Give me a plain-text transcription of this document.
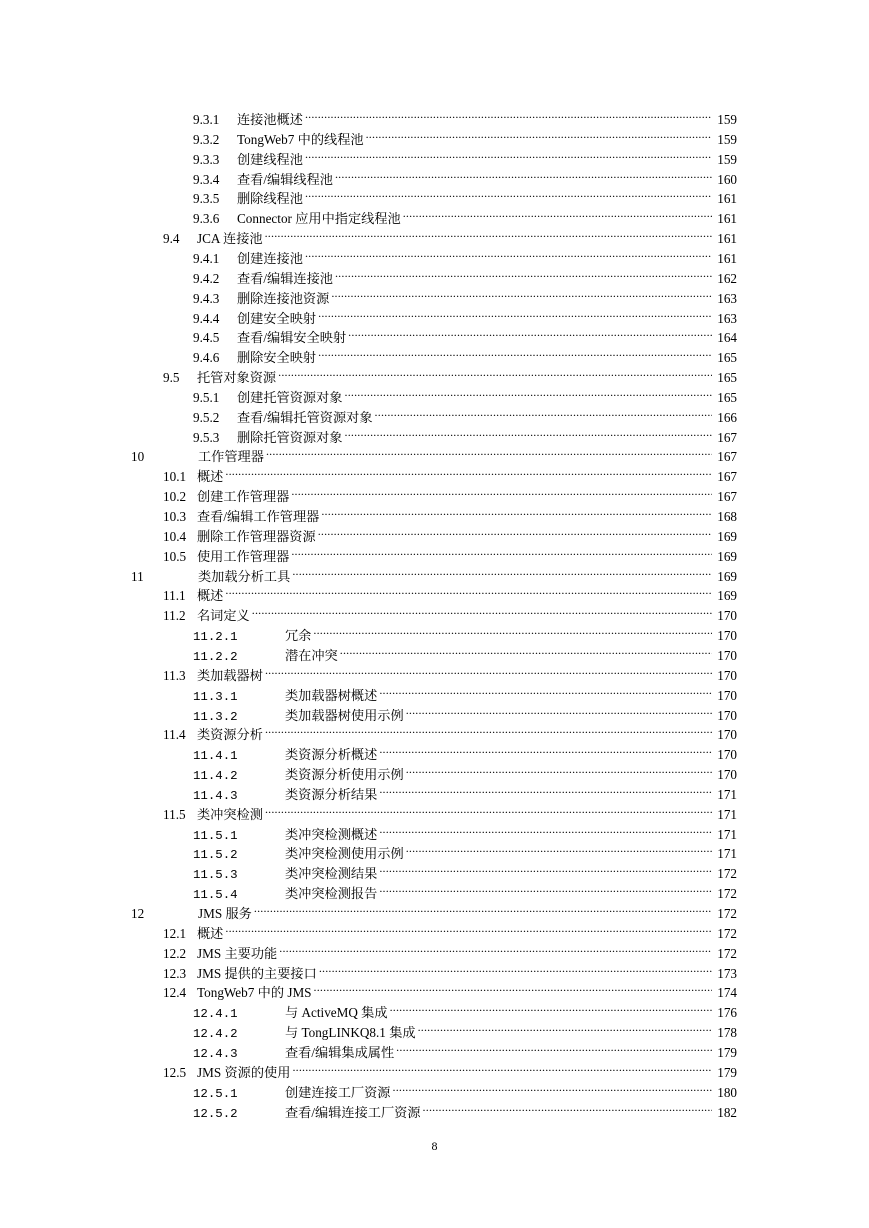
9.3.1	连接池概述 .....	159
9.3.2	TongWeb7 中的线程池 .....	159
9.3.3	创建线程池 .....	159
9.3.4	查看/编辑线程池 .....	160
9.3.5	删除线程池 .....	161
9.3.6	Connector 应用中指定线程池 .....	161
9.4	JCA 连接池 .....	161
9.4.1	创建连接池 .....	161
9.4.2	查看/编辑连接池 .....	162
9.4.3	删除连接池资源 .....	163
9.4.4	创建安全映射 .....	163
9.4.5	查看/编辑安全映射 .....	164
9.4.6	删除安全映射 .....	165
9.5	托管对象资源 .....	165
9.5.1	创建托管资源对象 .....	165
9.5.2	查看/编辑托管资源对象 .....	166
9.5.3	删除托管资源对象 .....	167
10	工作管理器 .....	167
10.1 概述 .....	167
10.2 创建工作管理器 .....	167
10.3 查看/编辑工作管理器 .....	168
10.4 删除工作管理器资源 .....	169
10.5 使用工作管理器 .....	169
11	类加载分析工具 .....	169
11.1 概述 .....	169
11.2 名词定义 .....	170
11.2.1	冗余 .....	170
11.2.2	潜在冲突 .....	170
11.3 类加载器树 .....	170
11.3.1	类加载器树概述 .....	170
11.3.2	类加载器树使用示例 .....	170
11.4 类资源分析 .....	170
11.4.1	类资源分析概述 .....	170
11.4.2	类资源分析使用示例 .....	170
11.4.3	类资源分析结果 .....	171
11.5 类冲突检测 .....	171
11.5.1	类冲突检测概述 .....	171
11.5.2	类冲突检测使用示例 .....	171
11.5.3	类冲突检测结果 .....	172
11.5.4	类冲突检测报告 .....	172
12	JMS 服务 .....	172
12.1 概述 .....	172
12.2 JMS 主要功能 .....	172
12.3 JMS 提供的主要接口 .....	173
12.4 TongWeb7 中的 JMS .....	174
12.4.1	与 ActiveMQ 集成 .....	176
12.4.2	与 TongLINKQ8.1 集成 .....	178
12.4.3	查看/编辑集成属性 .....	179
12.5 JMS 资源的使用 .....	179
12.5.1	创建连接工厂资源 .....	180
12.5.2	查看/编辑连接工厂资源 .....	182
8
